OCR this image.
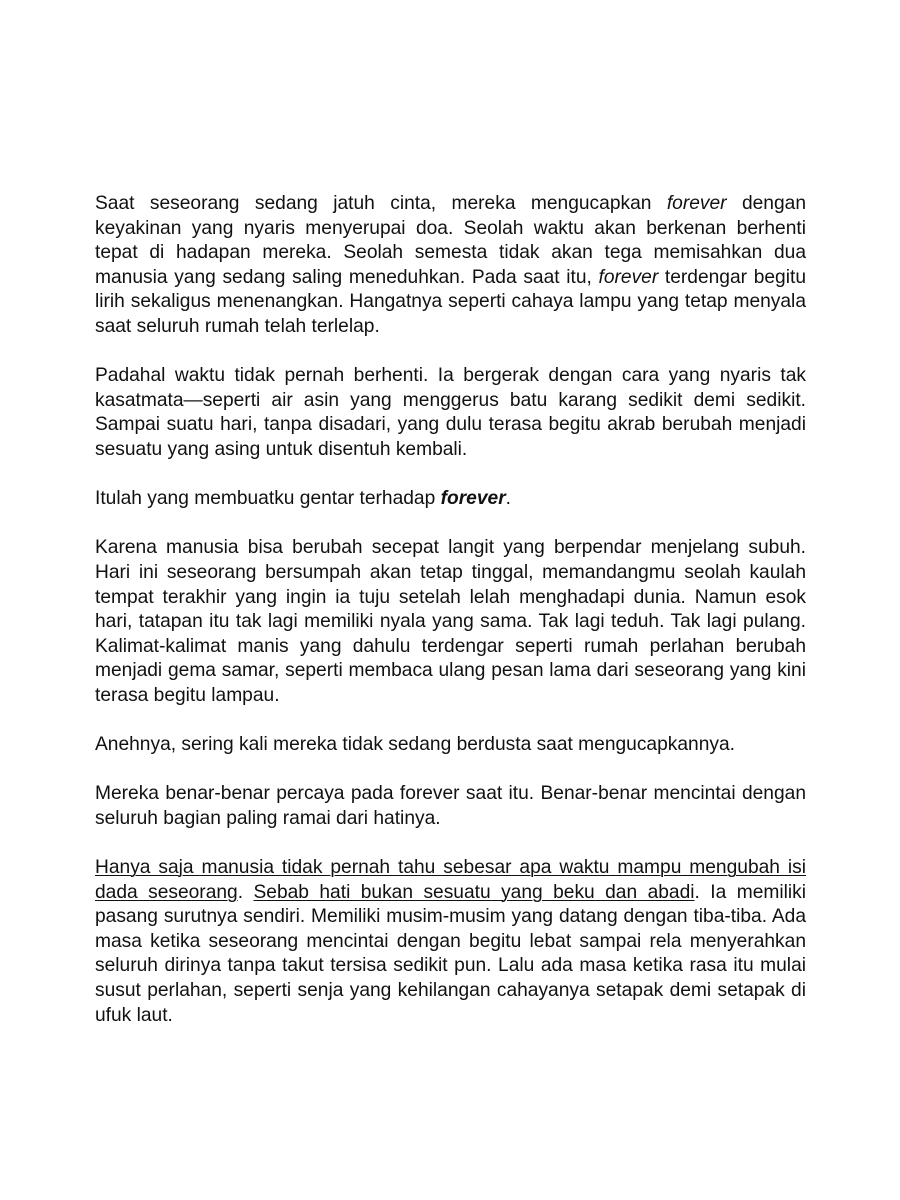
Saat seseorang sedang jatuh cinta, mereka mengucapkan forever dengan keyakinan yang nyaris menyerupai doa. Seolah waktu akan berkenan berhenti tepat di hadapan mereka. Seolah semesta tidak akan tega memisahkan dua manusia yang sedang saling meneduhkan. Pada saat itu, forever terdengar begitu lirih sekaligus menenangkan. Hangatnya seperti cahaya lampu yang tetap menyala saat seluruh rumah telah terlelap.

Padahal waktu tidak pernah berhenti. Ia bergerak dengan cara yang nyaris tak kasatmata—seperti air asin yang menggerus batu karang sedikit demi sedikit. Sampai suatu hari, tanpa disadari, yang dulu terasa begitu akrab berubah menjadi sesuatu yang asing untuk disentuh kembali.

Itulah yang membuatku gentar terhadap forever.

Karena manusia bisa berubah secepat langit yang berpendar menjelang subuh. Hari ini seseorang bersumpah akan tetap tinggal, memandangmu seolah kaulah tempat terakhir yang ingin ia tuju setelah lelah menghadapi dunia. Namun esok hari, tatapan itu tak lagi memiliki nyala yang sama. Tak lagi teduh. Tak lagi pulang. Kalimat-kalimat manis yang dahulu terdengar seperti rumah perlahan berubah menjadi gema samar, seperti membaca ulang pesan lama dari seseorang yang kini terasa begitu lampau.

Anehnya, sering kali mereka tidak sedang berdusta saat mengucapkannya.

Mereka benar-benar percaya pada forever saat itu. Benar-benar mencintai dengan seluruh bagian paling ramai dari hatinya.

Hanya saja manusia tidak pernah tahu sebesar apa waktu mampu mengubah isi dada seseorang. Sebab hati bukan sesuatu yang beku dan abadi. Ia memiliki pasang surutnya sendiri. Memiliki musim-musim yang datang dengan tiba-tiba. Ada masa ketika seseorang mencintai dengan begitu lebat sampai rela menyerahkan seluruh dirinya tanpa takut tersisa sedikit pun. Lalu ada masa ketika rasa itu mulai susut perlahan, seperti senja yang kehilangan cahayanya setapak demi setapak di ufuk laut.
